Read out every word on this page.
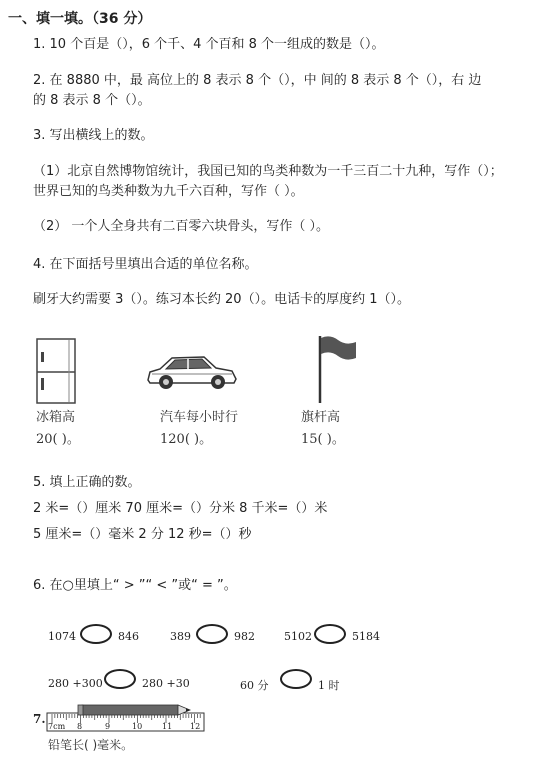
一、填一填。（36 分）
1. 10 个百是（），6 个千、4 个百和 8 个一组成的数是（）。
2. 在 8880 中，最 高位上的 8 表示 8 个（），中 间的 8 表示 8 个（），右 边
的 8 表示 8 个（）。
3. 写出横线上的数。
（1）北京自然博物馆统计，我国已知的鸟类种数为一千三百二十九种，写作（）；
世界已知的鸟类种数为九千六百种，写作（ ）。
（2） 一个人全身共有二百零六块骨头，写作（ ）。
4. 在下面括号里填出合适的单位名称。
刷牙大约需要 3（）。练习本长约 20（）。电话卡的厚度约 1（）。
冰箱高
20( )。
汽车每小时行
120( )。
旗杆高
15( )。
5. 填上正确的数。
2 米=（）厘米 70 厘米=（）分米 8 千米=（）米
5 厘米=（）毫米 2 分 12 秒=（）秒
6. 在○里填上“ > ”“ < ”或“ = ”。
1074	846	389	982	5102	5184
280 +300	280 +30	60 分	1 时
7.
7cm 8	9	10 11 12
铅笔长( )毫米。
